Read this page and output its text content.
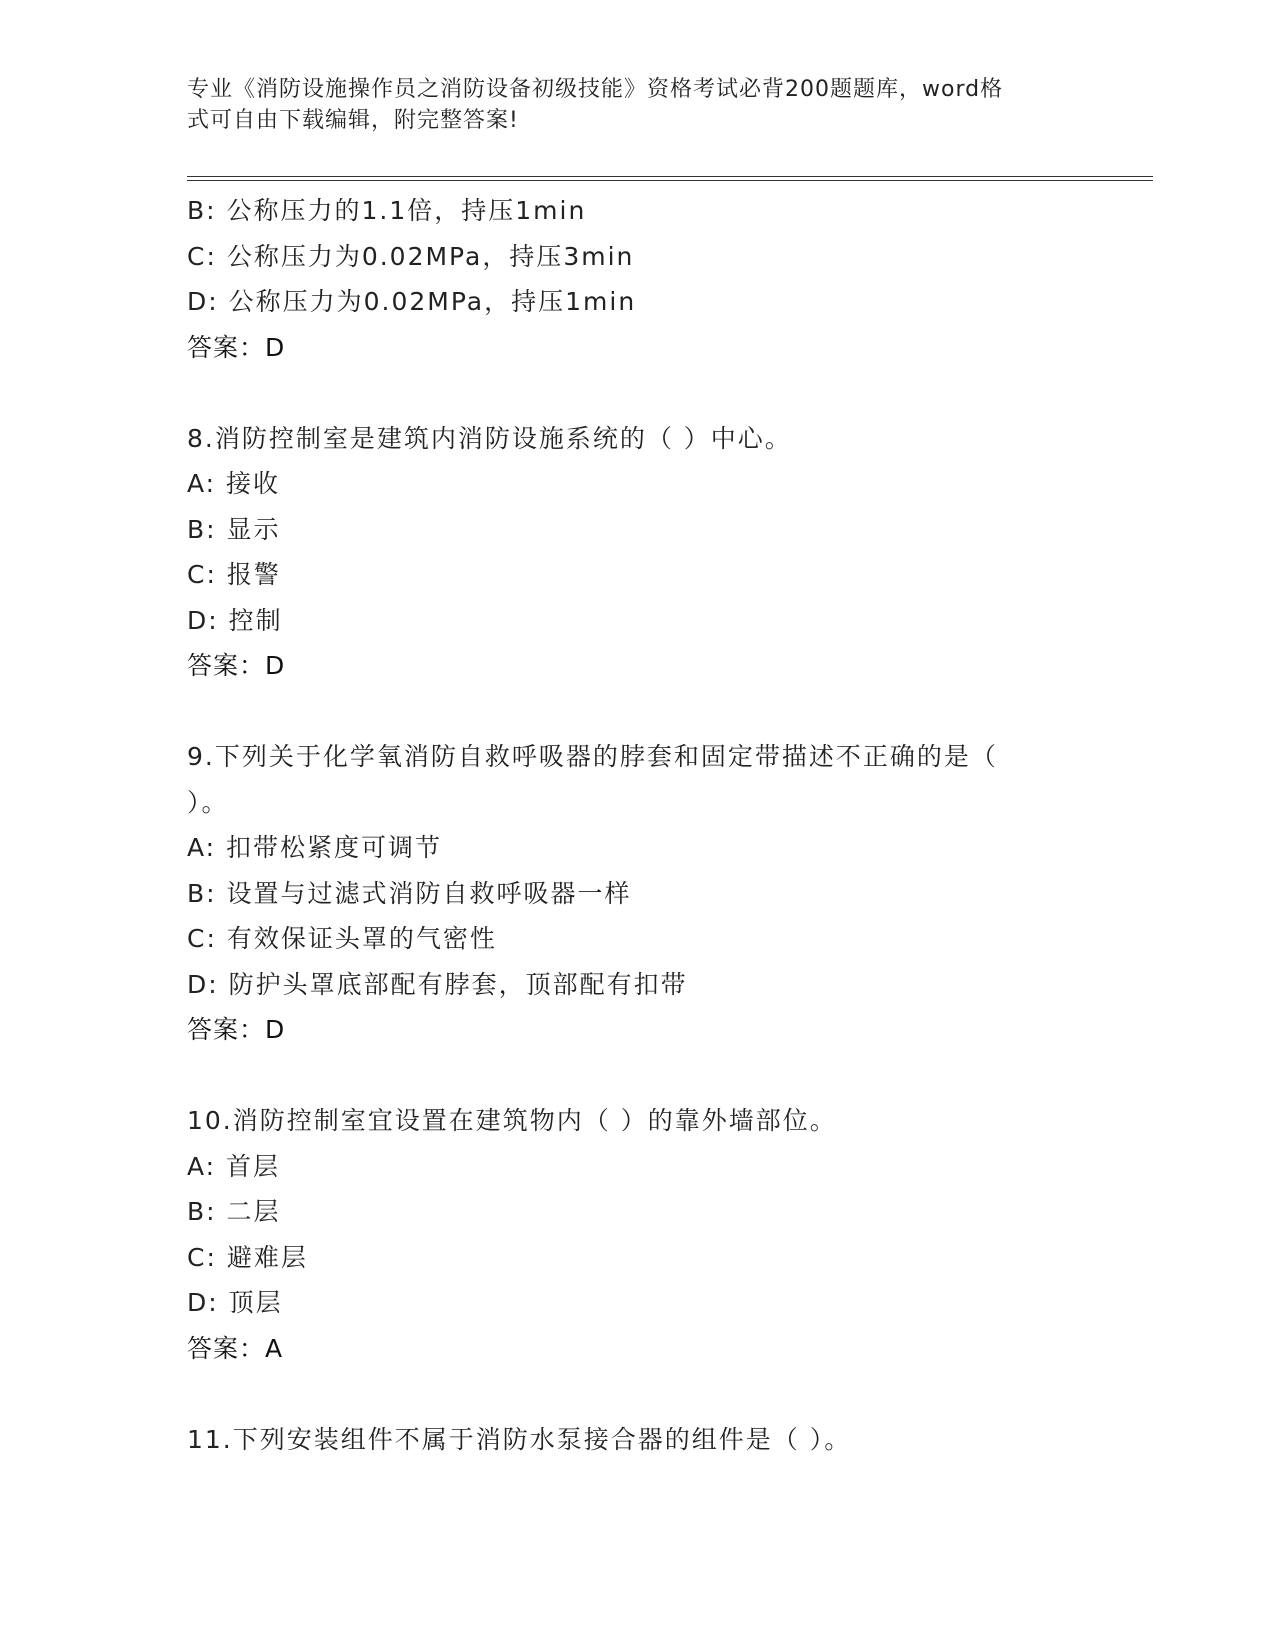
专业《消防设施操作员之消防设备初级技能》资格考试必背200题题库，word格
式可自由下载编辑，附完整答案!
B: 公称压力的1.1倍，持压1min
C: 公称压力为0.02MPa，持压3min
D: 公称压力为0.02MPa，持压1min
答案：D
8.消防控制室是建筑内消防设施系统的（ ）中心。
A: 接收
B: 显示
C: 报警
D: 控制
答案：D
9.下列关于化学氧消防自救呼吸器的脖套和固定带描述不正确的是（
）。
A: 扣带松紧度可调节
B: 设置与过滤式消防自救呼吸器一样
C: 有效保证头罩的气密性
D: 防护头罩底部配有脖套，顶部配有扣带
答案：D
10.消防控制室宜设置在建筑物内（ ）的靠外墙部位。
A: 首层
B: 二层
C: 避难层
D: 顶层
答案：A
11.下列安装组件不属于消防水泵接合器的组件是（ ）。
